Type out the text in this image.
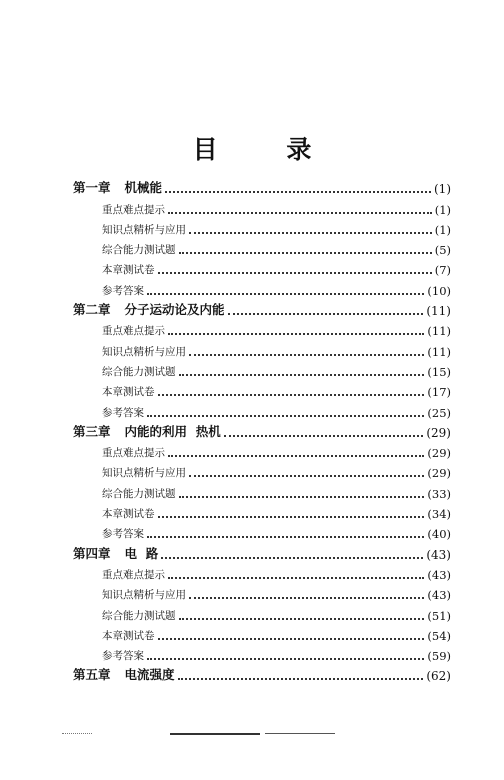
目 录
第一章 机械能	(1)
重点难点提示	(1)
知识点精析与应用	(1)
综合能力测试题	(5)
本章测试卷	(7)
参考答案	(10)
第二章 分子运动论及内能	(11)
重点难点提示	(11)
知识点精析与应用	(11)
综合能力测试题	(15)
本章测试卷	(17)
参考答案	(25)
第三章 内能的利用  热机	(29)
重点难点提示	(29)
知识点精析与应用	(29)
综合能力测试题	(33)
本章测试卷	(34)
参考答案	(40)
第四章 电  路	(43)
重点难点提示	(43)
知识点精析与应用	(43)
综合能力测试题	(51)
本章测试卷	(54)
参考答案	(59)
第五章 电流强度	(62)
